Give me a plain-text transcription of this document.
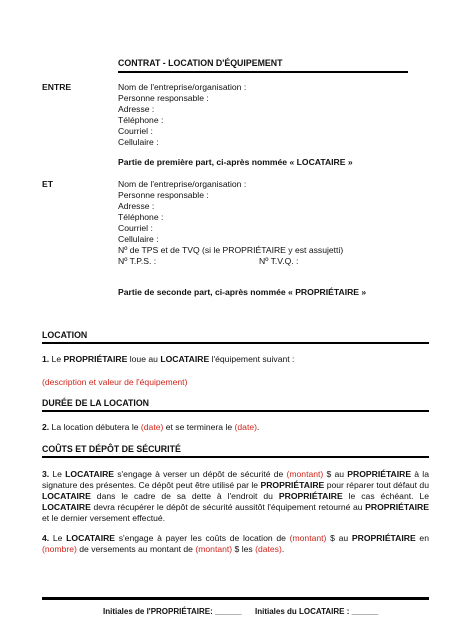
CONTRAT - LOCATION D'ÉQUIPEMENT
ENTRE	Nom de l'entreprise/organisation :
Personne responsable :
Adresse :
Téléphone :
Courriel :
Cellulaire :
Partie de première part, ci-après nommée « LOCATAIRE »
ET	Nom de l'entreprise/organisation :
Personne responsable :
Adresse :
Téléphone :
Courriel :
Cellulaire :
Nº de TPS et de TVQ (si le PROPRIÉTAIRE y est assujetti)
Nº T.P.S. :	Nº T.V.Q. :
Partie de seconde part, ci-après nommée « PROPRIÉTAIRE »
LOCATION

1. Le PROPRIÉTAIRE loue au LOCATAIRE l'équipement suivant :

(description et valeur de l'équipement)
DURÉE DE LA LOCATION

2. La location débutera le (date) et se terminera le (date).

COÛTS ET DÉPÔT DE SÉCURITÉ

3. Le LOCATAIRE s'engage à verser un dépôt de sécurité de (montant) $ au PROPRIÉTAIRE à la signature des présentes. Ce dépôt peut être utilisé par le PROPRIÉTAIRE pour réparer tout défaut du LOCATAIRE dans le cadre de sa dette à l'endroit du PROPRIÉTAIRE le cas échéant. Le LOCATAIRE devra récupérer le dépôt de sécurité aussitôt l'équipement retourné au PROPRIÉTAIRE et le dernier versement effectué.

4. Le LOCATAIRE s'engage à payer les coûts de location de (montant) $ au PROPRIÉTAIRE en (nombre) de versements au montant de (montant) $ les (dates).

Initiales de l'PROPRIÉTAIRE: ______ Initiales du LOCATAIRE : ______
